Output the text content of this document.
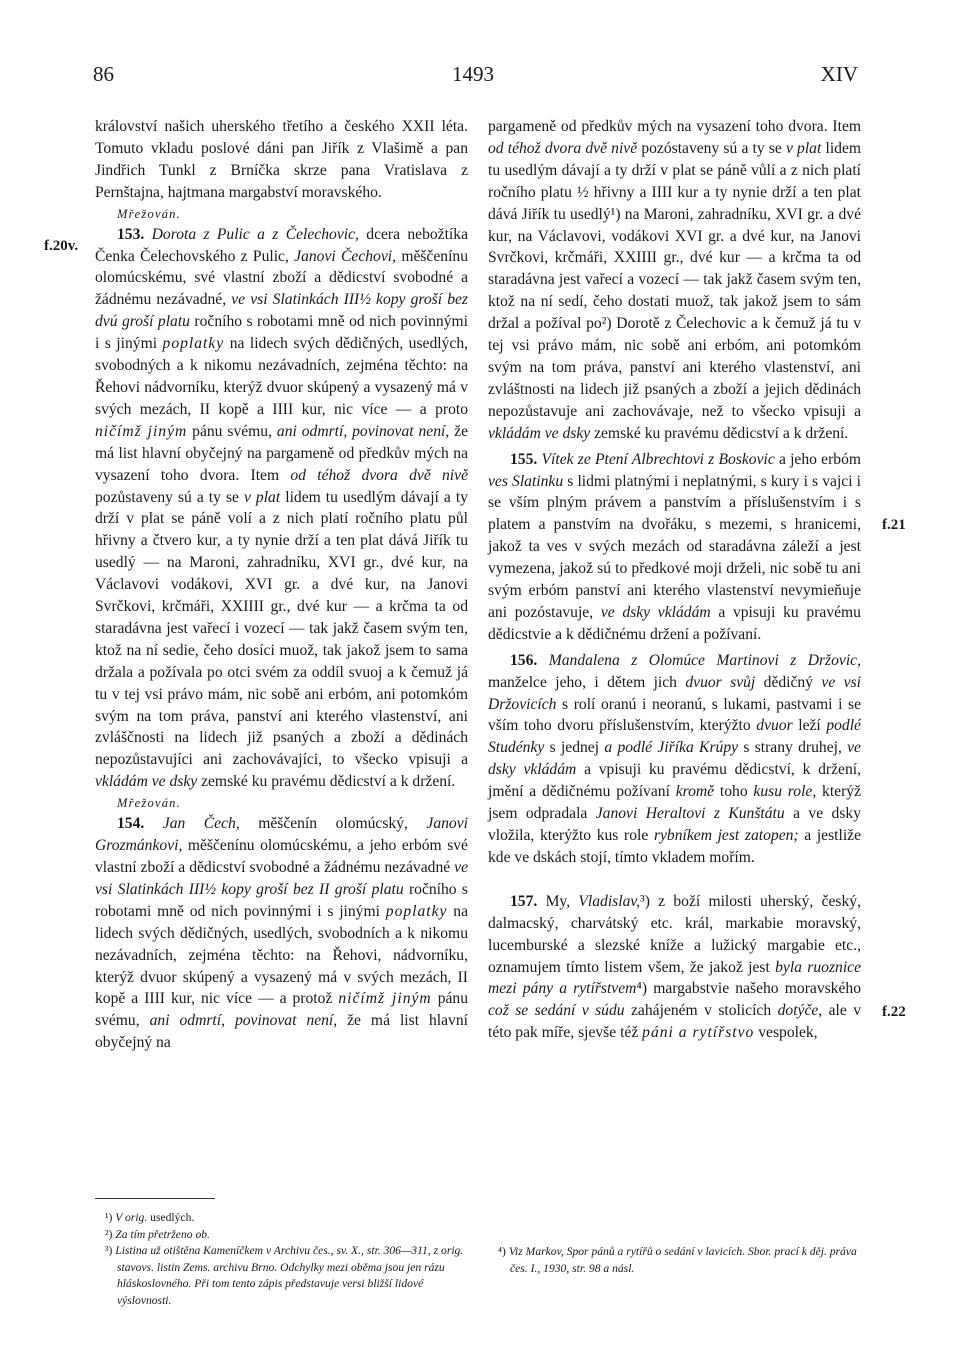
86	1493	XIV
f.20v.
f.21
f.22

království našich uherského třetího a českého XXII léta. Tomuto vkladu poslové dáni pan Jiřík z Vlašimě a pan Jindřich Tunkl z Brníčka skrze pana Vratislava z Pernštajna, hajtmana margabství moravského.

Mřežován.

153. Dorota z Pulic a z Čelechovic, dcera nebožtíka Čenka Čelechovského z Pulic, Janovi Čechovi, měščenínu olomúcskému, své vlastní zboží a dědicství svobodné a žádnému nezávadné, ve vsi Slatinkách III½ kopy groší bez dvú groší platu ročního s robotami mně od nich povinnými i s jinými poplatky na lidech svých dědičných, usedlých, svobodných a k nikomu nezávadních, zejména těchto: na Řehovi nádvorníku, kterýž dvuor skúpený a vysazený má v svých mezách, II kopě a IIII kur, nic více — a proto ničímž jiným pánu svému, ani odmrtí, povinovat není, že má list hlavní obyčejný na pargameně od předkův mých na vysazení toho dvora. Item od téhož dvora dvě nivě pozůstaveny sú a ty se v plat lidem tu usedlým dávají a ty drží v plat se páně volí a z nich platí ročního platu půl hřivny a čtvero kur, a ty nynie drží a ten plat dává Jiřík tu usedlý — na Maroni, zahradníku, XVI gr., dvé kur, na Václavovi vodákovi, XVI gr. a dvé kur, na Janovi Svrčkovi, krčmáři, XXIIII gr., dvé kur — a krčma ta od staradávna jest vařecí i vozecí — tak jakž časem svým ten, ktož na ní sedie, čeho dosíci muož, tak jakož jsem to sama držala a požívala po otci svém za oddíl svuoj a k čemuž já tu v tej vsi právo mám, nic sobě ani erbóm, ani potomkóm svým na tom práva, panství ani kterého vlastenství, ani zvláščnosti na lidech již psaných a zboží a dědinách nepozůstavujíci ani zachovávajíci, to všecko vpisuji a vkládám ve dsky zemské ku pravému dědicství a k držení.

Mřežován.

154. Jan Čech, měščenín olomúcský, Janovi Grozmánkovi, měščenínu olomúcskému, a jeho erbóm své vlastní zboží a dědicství svobodné a žádnému nezávadné ve vsi Slatinkách III½ kopy groší bez II groší platu ročního s robotami mně od nich povinnými i s jinými poplatky na lidech svých dědičných, usedlých, svobodních a k nikomu nezávadních, zejména těchto: na Řehovi, nádvorníku, kterýž dvuor skúpený a vysazený má v svých mezách, II kopě a IIII kur, nic více — a protož ničímž jiným pánu svému, ani odmrtí, povinovat není, že má list hlavní obyčejný na

pargameně od předkův mých na vysazení toho dvora. Item od téhož dvora dvě nivě pozóstaveny sú a ty se v plat lidem tu usedlým dávají a ty drží v plat se páně vůlí a z nich platí ročního platu ½ hřivny a IIII kur a ty nynie drží a ten plat dává Jiřík tu usedlý¹) na Maroni, zahradníku, XVI gr. a dvé kur, na Václavovi, vodákovi XVI gr. a dvé kur, na Janovi Svrčkovi, krčmáři, XXIIII gr., dvé kur — a krčma ta od staradávna jest vařecí a vozecí — tak jakž časem svým ten, ktož na ní sedí, čeho dostati muož, tak jakož jsem to sám držal a požíval po²) Dorotě z Čelechovic a k čemuž já tu v tej vsi právo mám, nic sobě ani erbóm, ani potomkóm svým na tom práva, panství ani kterého vlastenství, ani zvláštnosti na lidech již psaných a zboží a jejich dědinách nepozůstavuje ani zachovávaje, než to všecko vpisuji a vkládám ve dsky zemské ku pravému dědicství a k držení.

155. Vítek ze Ptení Albrechtovi z Boskovic a jeho erbóm ves Slatinku s lidmi platnými i neplatnými, s kury i s vajci i se vším plným právem a panstvím a příslušenstvím i s platem a panstvím na dvořáku, s mezemi, s hranicemi, jakož ta ves v svých mezách od staradávna záleží a jest vymezena, jakož sú to předkové moji drželi, nic sobě tu ani svým erbóm panství ani kterého vlastenství nevymieňuje ani pozóstavuje, ve dsky vkládám a vpisuji ku pravému dědicstvie a k dědičnému držení a požívaní.

156. Mandalena z Olomúce Martinovi z Držovic, manželce jeho, i dětem jich dvuor svůj dědičný ve vsi Držovicích s rolí oranú i neoranú, s lukami, pastvami i se vším toho dvoru příslušenstvím, kterýžto dvuor leží podlé Studénky s jednej a podlé Jiříka Krúpy s strany druhej, ve dsky vkládám a vpisuji ku pravému dědicství, k držení, jmění a dědičnému požívaní kromě toho kusu role, kterýž jsem odpradala Janovi Heraltovi z Kunštátu a ve dsky vložila, kterýžto kus role rybníkem jest zatopen; a jestliže kde ve dskách stojí, tímto vkladem mořím.

157. My, Vladislav,³) z boží milosti uherský, český, dalmacský, charvátský etc. král, markabie moravský, lucemburské a slezské kníže a lužický margabie etc., oznamujem tímto listem všem, že jakož jest byla ruoznice mezi pány a rytířstvem⁴) margabstvie našeho moravského což se sedání v súdu zahájeném v stolicích dotýče, ale v této pak míře, sjevše též páni a rytířstvo vespolek,

¹) V orig. usedlých.

²) Za tím přetrženo ob.

³) Listina už otištěna Kameníčkem v Archivu čes., sv. X., str. 306—311, z orig. stavovs. listin Zems. archivu Brno. Odchylky mezi oběma jsou jen rázu hláskoslovného. Při tom tento zápis představuje versi bližší lidové výslovnosti.

⁴) Viz Markov, Spor pánů a rytířů o sedání v lavicích. Sbor. prací k děj. práva čes. I., 1930, str. 98 a násl.
